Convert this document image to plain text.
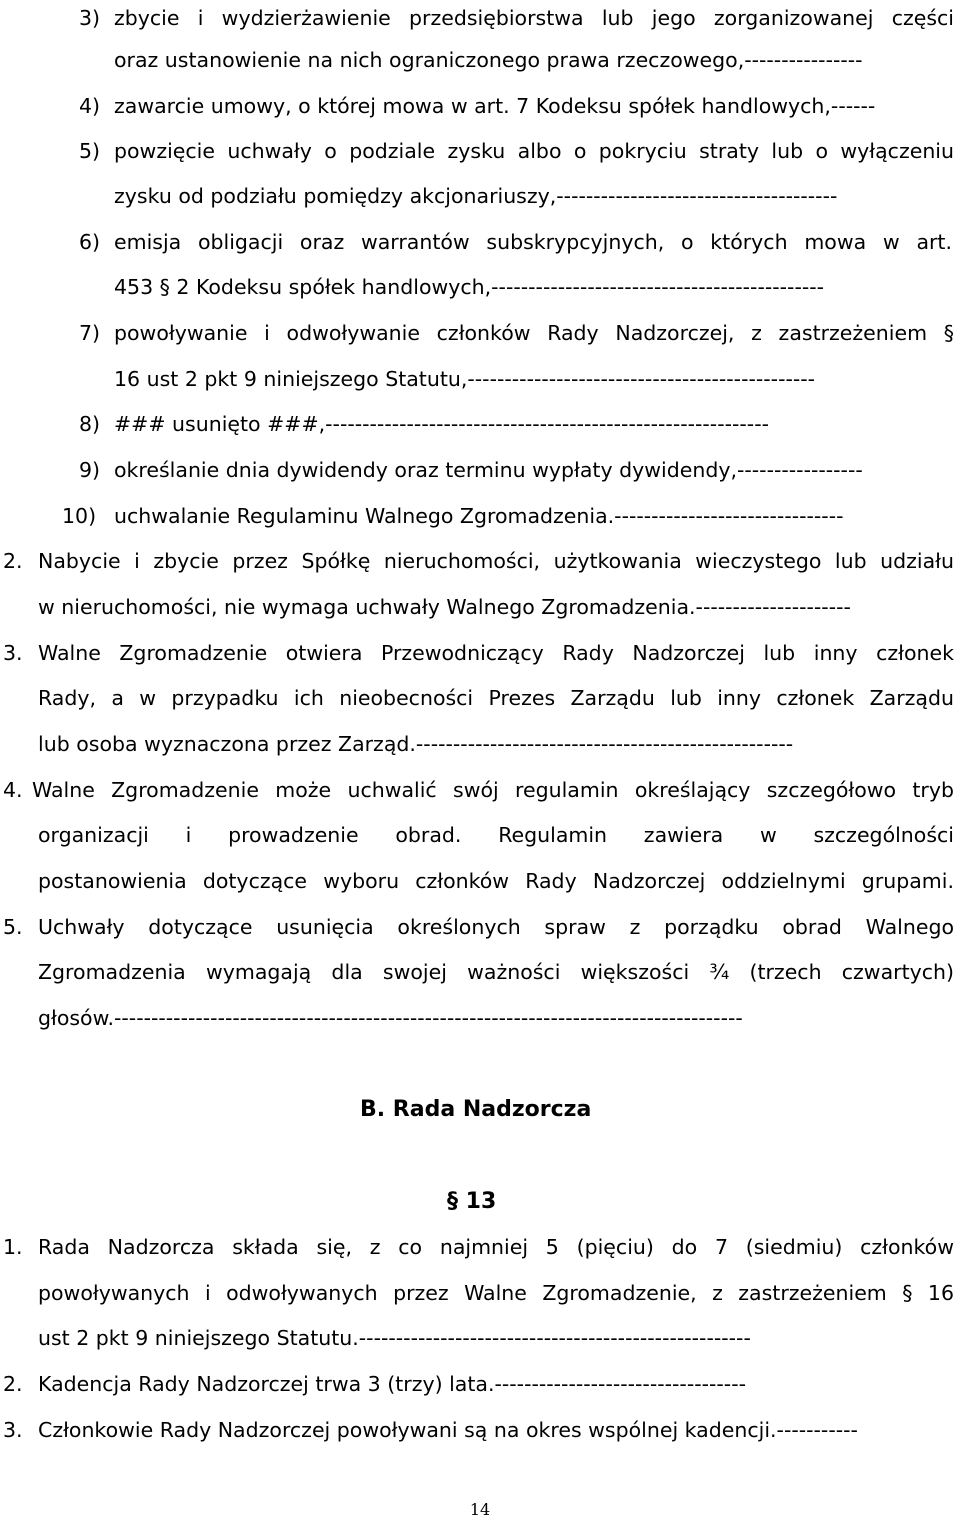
3) zbycie i wydzierżawienie przedsiębiorstwa lub jego zorganizowanej części
oraz ustanowienie na nich ograniczonego prawa rzeczowego,----------------
4) zawarcie umowy, o której mowa w art. 7 Kodeksu spółek handlowych,------
5) powzięcie uchwały o podziale zysku albo o pokryciu straty lub o wyłączeniu
zysku od podziału pomiędzy akcjonariuszy,--------------------------------------
6) emisja obligacji oraz warrantów subskrypcyjnych, o których mowa w art.
453 § 2 Kodeksu spółek handlowych,---------------------------------------------
7) powoływanie i odwoływanie członków Rady Nadzorczej, z zastrzeżeniem §
16 ust 2 pkt 9 niniejszego Statutu,-----------------------------------------------
8) ### usunięto ###,------------------------------------------------------------
9) określanie dnia dywidendy oraz terminu wypłaty dywidendy,-----------------
10) uchwalanie Regulaminu Walnego Zgromadzenia.-------------------------------
2. Nabycie i zbycie przez Spółkę nieruchomości, użytkowania wieczystego lub udziału
w nieruchomości, nie wymaga uchwały Walnego Zgromadzenia.---------------------
3. Walne Zgromadzenie otwiera Przewodniczący Rady Nadzorczej lub inny członek
Rady, a w przypadku ich nieobecności Prezes Zarządu lub inny członek Zarządu
lub osoba wyznaczona przez Zarząd.---------------------------------------------------
4. Walne Zgromadzenie może uchwalić swój regulamin określający szczegółowo tryb
organizacji i prowadzenie obrad. Regulamin zawiera w szczególności
postanowienia dotyczące wyboru członków Rady Nadzorczej oddzielnymi grupami.
5. Uchwały dotyczące usunięcia określonych spraw z porządku obrad Walnego
Zgromadzenia wymagają dla swojej ważności większości ¾ (trzech czwartych)
głosów.-------------------------------------------------------------------------------------
B. Rada Nadzorcza
§ 13
1. Rada Nadzorcza składa się, z co najmniej 5 (pięciu) do 7 (siedmiu) członków
powoływanych i odwoływanych przez Walne Zgromadzenie, z zastrzeżeniem § 16
ust 2 pkt 9 niniejszego Statutu.-----------------------------------------------------
2. Kadencja Rady Nadzorczej trwa 3 (trzy) lata.----------------------------------
3. Członkowie Rady Nadzorczej powoływani są na okres wspólnej kadencji.-----------
14
